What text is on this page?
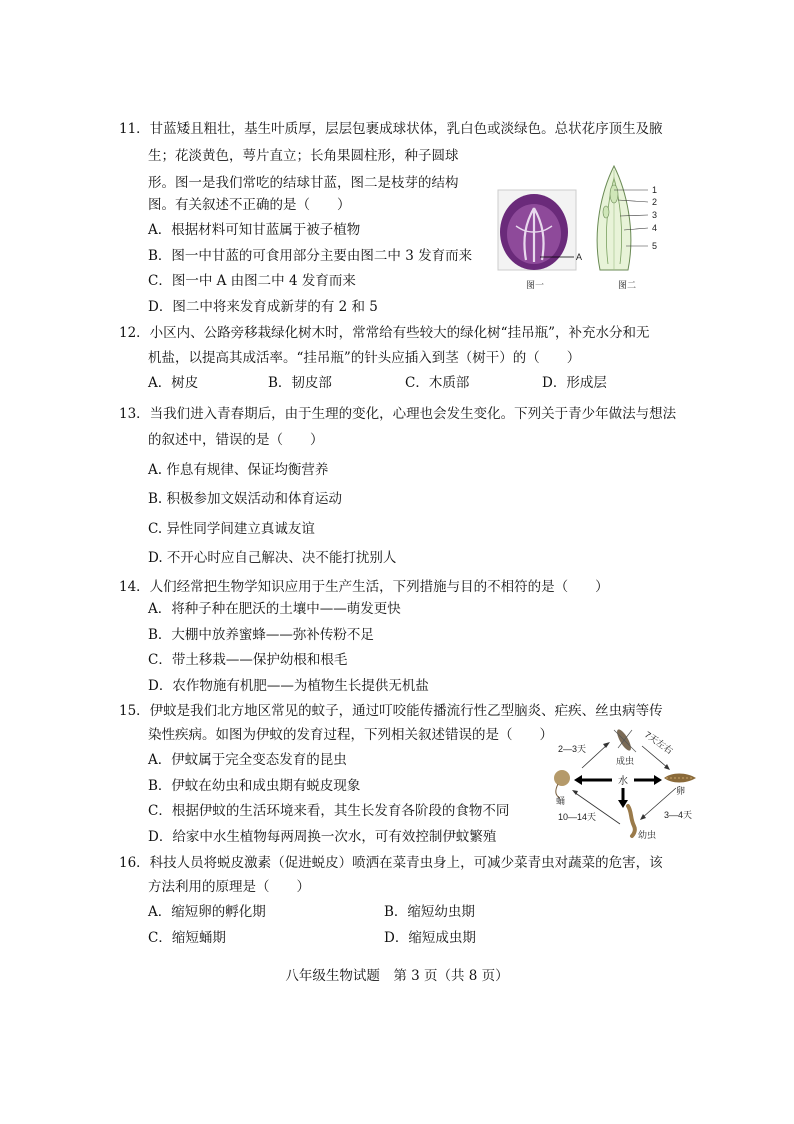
11．甘蓝矮且粗壮，基生叶质厚，层层包裹成球状体，乳白色或淡绿色。总状花序顶生及腋
生；花淡黄色，萼片直立；长角果圆柱形，种子圆球
形。图一是我们常吃的结球甘蓝，图二是枝芽的结构
图。有关叙述不正确的是（　　）
A．根据材料可知甘蓝属于被子植物
B．图一中甘蓝的可食用部分主要由图二中 3 发育而来
C．图一中 A 由图二中 4 发育而来
D．图二中将来发育成新芽的有 2 和 5
A
1
2
3
4
5
图一	图二
12．小区内、公路旁移栽绿化树木时，常常给有些较大的绿化树“挂吊瓶”，补充水分和无
机盐，以提高其成活率。“挂吊瓶”的针头应插入到茎（树干）的（　　）
A．树皮	B．韧皮部	C．木质部	D．形成层
13．当我们进入青春期后，由于生理的变化，心理也会发生变化。下列关于青少年做法与想法
的叙述中，错误的是（　　）
A. 作息有规律、保证均衡营养
B. 积极参加文娱活动和体育运动
C. 异性同学间建立真诚友谊
D. 不开心时应自己解决、决不能打扰别人
14．人们经常把生物学知识应用于生产生活，下列措施与目的不相符的是（　　）
A．将种子种在肥沃的土壤中——萌发更快
B．大棚中放养蜜蜂——弥补传粉不足
C．带土移栽——保护幼根和根毛
D．农作物施有机肥——为植物生长提供无机盐
15．伊蚊是我们北方地区常见的蚊子，通过叮咬能传播流行性乙型脑炎、疟疾、丝虫病等传
染性疾病。如图为伊蚊的发育过程，下列相关叙述错误的是（　　）
A．伊蚊属于完全变态发育的昆虫
B．伊蚊在幼虫和成虫期有蜕皮现象
C．根据伊蚊的生活环境来看，其生长发育各阶段的食物不同
D．给家中水生植物每两周换一次水，可有效控制伊蚊繁殖
成虫
2—3天	7天左右
卵
蛹
幼虫
3—4天
10—14天
水
16．科技人员将蜕皮激素（促进蜕皮）喷洒在菜青虫身上，可减少菜青虫对蔬菜的危害，该
方法利用的原理是（　　）
A．缩短卵的孵化期	B．缩短幼虫期
C．缩短蛹期	D．缩短成虫期
八年级生物试题　第 3 页（共 8 页）
